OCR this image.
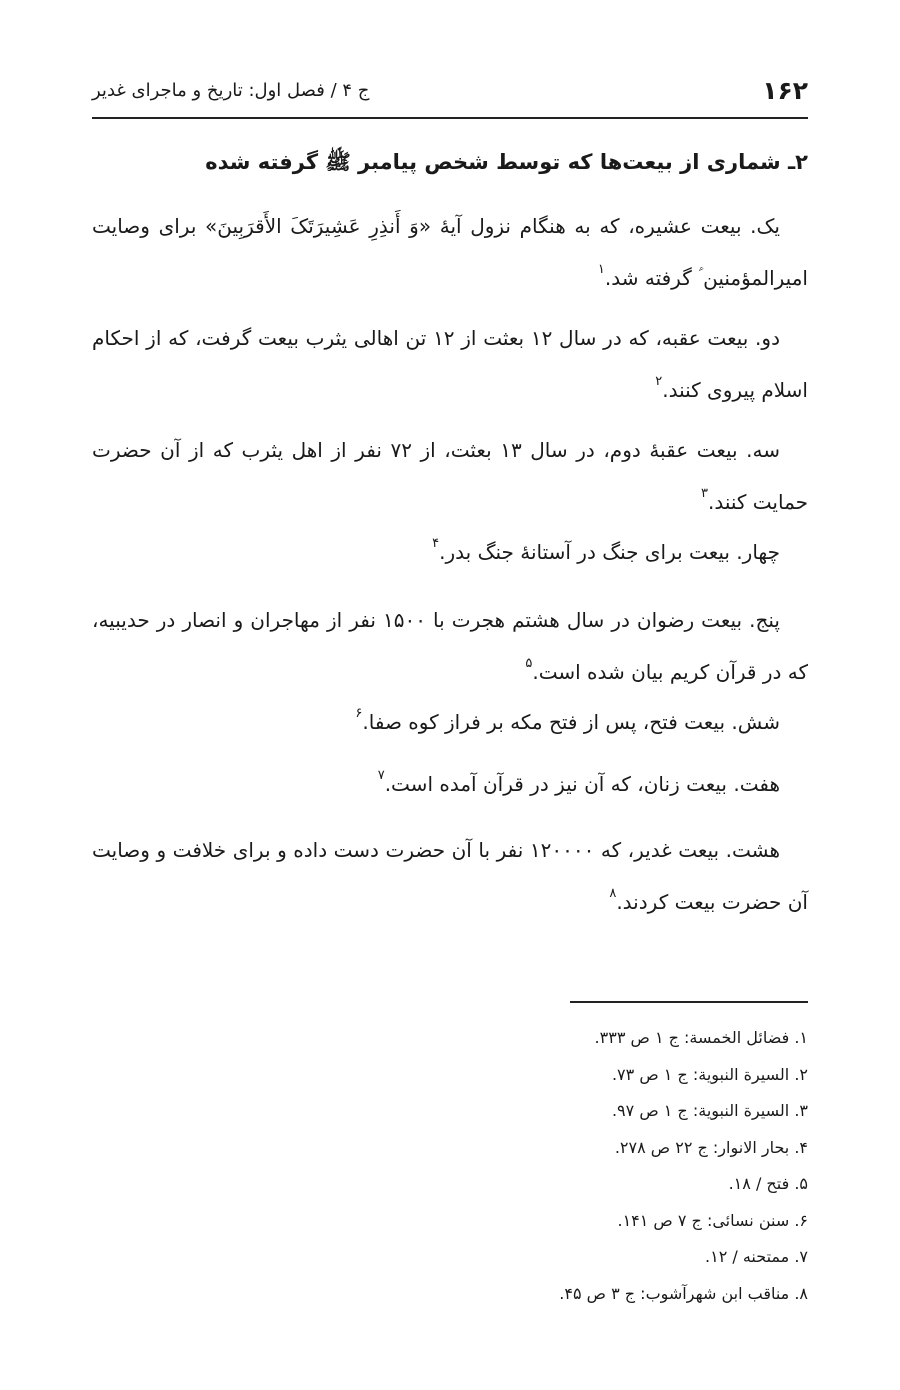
۱۶۲
ج ۴ / فصل اول: تاریخ و ماجرای غدیر
۲ـ شماری از بیعت‌ها که توسط شخص پیامبر ﷺ گرفته شده

یک. بیعت عشیره، که به هنگام نزول آیهٔ «وَ أَنذِرِ عَشِیرَتَکَ الأَقرَبِینَ» برای وصایت امیرالمؤمنین ؑ گرفته شد.$^۱$

دو. بیعت عقبه، که در سال ۱۲ بعثت از ۱۲ تن اهالی یثرب بیعت گرفت، که از احکام اسلام پیروی کنند.$^۲$

سه. بیعت عقبهٔ دوم، در سال ۱۳ بعثت، از ۷۲ نفر از اهل یثرب که از آن حضرت حمایت کنند.$^۳$

چهار. بیعت برای جنگ در آستانهٔ جنگ بدر.$^۴$

پنج. بیعت رضوان در سال هشتم هجرت با ۱۵۰۰ نفر از مهاجران و انصار در حدیبیه، که در قرآن کریم بیان شده است.$^۵$

شش. بیعت فتح، پس از فتح مکه بر فراز کوه صفا.$^۶$

هفت. بیعت زنان، که آن نیز در قرآن آمده است.$^۷$

هشت. بیعت غدیر، که ۱۲۰۰۰۰ نفر با آن حضرت دست داده و برای خلافت و وصایت آن حضرت بیعت کردند.$^۸$

۱. فضائل الخمسة: ج ۱ ص ۳۳۳.
۲. السيرة النبوية: ج ۱ ص ۷۳.
۳. السيرة النبوية: ج ۱ ص ۹۷.
۴. بحار الانوار: ج ۲۲ ص ۲۷۸.
۵. فتح / ۱۸.
۶. سنن نسائی: ج ۷ ص ۱۴۱.
۷. ممتحنه / ۱۲.
۸. مناقب ابن شهرآشوب: ج ۳ ص ۴۵.
